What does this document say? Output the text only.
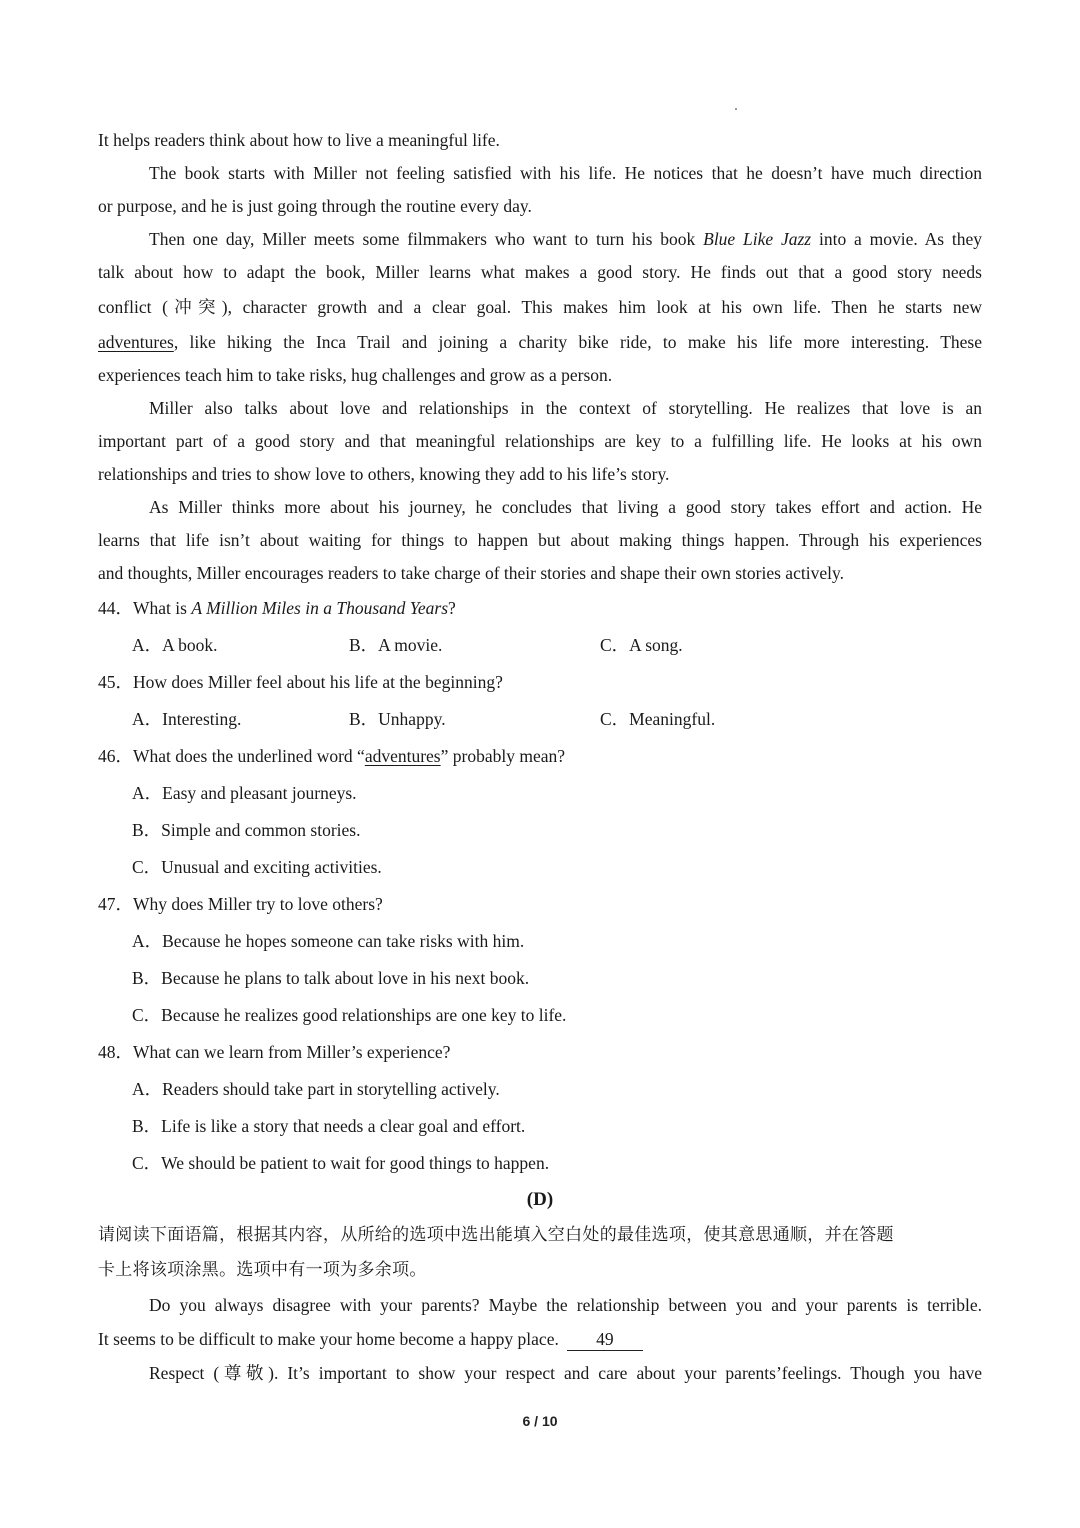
It helps readers think about how to live a meaningful life.
The book starts with Miller not feeling satisfied with his life. He notices that he doesn’t have much direction
or purpose, and he is just going through the routine every day.
Then one day, Miller meets some filmmakers who want to turn his book Blue Like Jazz into a movie. As they
talk about how to adapt the book, Miller learns what makes a good story. He finds out that a good story needs
conflict (冲突), character growth and a clear goal. This makes him look at his own life. Then he starts new
adventures, like hiking the Inca Trail and joining a charity bike ride, to make his life more interesting. These
experiences teach him to take risks, hug challenges and grow as a person.
Miller also talks about love and relationships in the context of storytelling. He realizes that love is an
important part of a good story and that meaningful relationships are key to a fulfilling life. He looks at his own
relationships and tries to show love to others, knowing they add to his life’s story.
As Miller thinks more about his journey, he concludes that living a good story takes effort and action. He
learns that life isn’t about waiting for things to happen but about making things happen. Through his experiences
and thoughts, Miller encourages readers to take charge of their stories and shape their own stories actively.
44．What is A Million Miles in a Thousand Years?
A．A book.	B．A movie.	C．A song.
45．How does Miller feel about his life at the beginning?
A．Interesting.	B．Unhappy.	C．Meaningful.
46．What does the underlined word “adventures” probably mean?
A．Easy and pleasant journeys.
B．Simple and common stories.
C．Unusual and exciting activities.
47．Why does Miller try to love others?
A．Because he hopes someone can take risks with him.
B．Because he plans to talk about love in his next book.
C．Because he realizes good relationships are one key to life.
48．What can we learn from Miller’s experience?
A．Readers should take part in storytelling actively.
B．Life is like a story that needs a clear goal and effort.
C．We should be patient to wait for good things to happen.
(D)
请阅读下面语篇，根据其内容，从所给的选项中选出能填入空白处的最佳选项，使其意思通顺，并在答题
卡上将该项涂黑。选项中有一项为多余项。
Do you always disagree with your parents? Maybe the relationship between you and your parents is terrible.
It seems to be difficult to make your home become a happy place. 49
Respect (尊敬). It’s important to show your respect and care about your parents’feelings. Though you have
6 / 10
